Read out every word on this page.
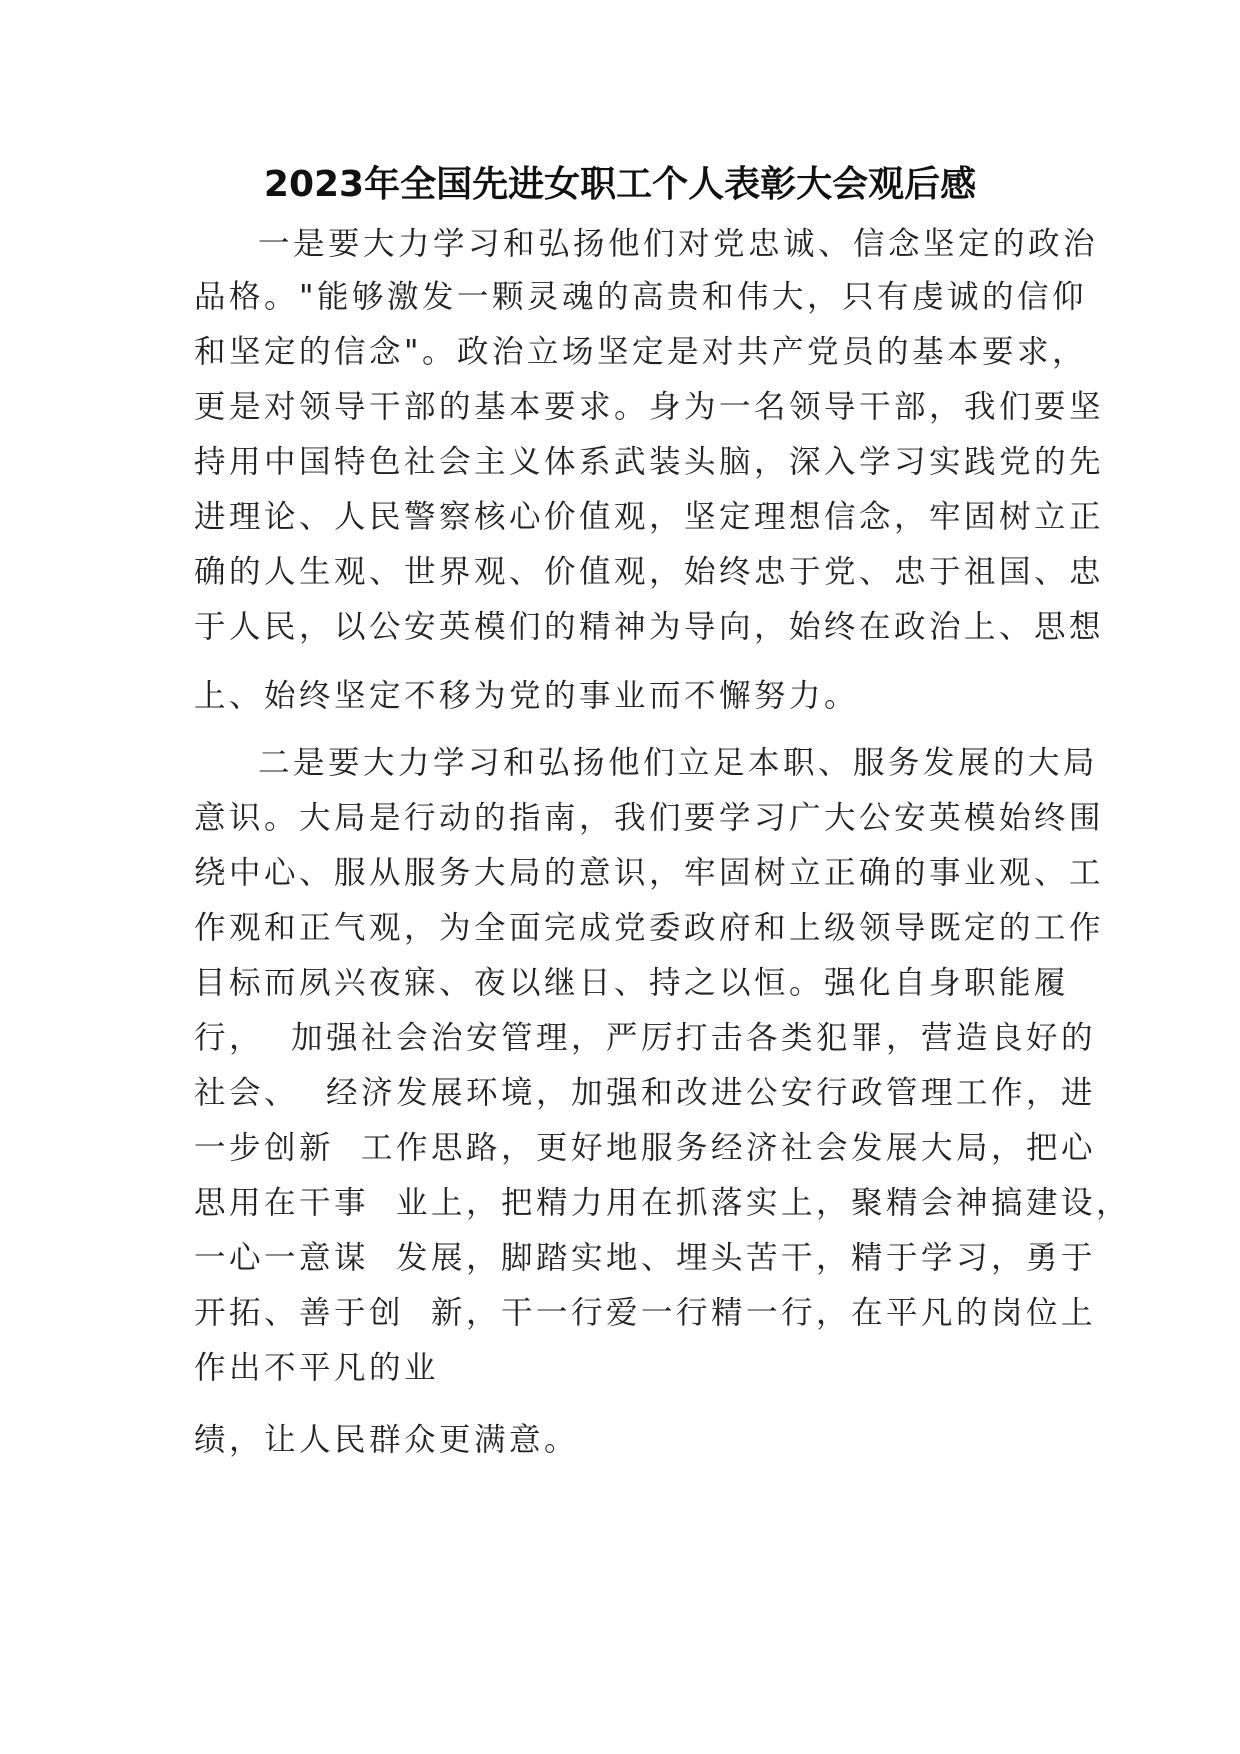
2023年全国先进女职工个人表彰大会观后感
一是要大力学习和弘扬他们对党忠诚、信念坚定的政治
品格。"能够激发一颗灵魂的高贵和伟大，只有虔诚的信仰
和坚定的信念"。政治立场坚定是对共产党员的基本要求，
更是对领导干部的基本要求。身为一名领导干部，我们要坚
持用中国特色社会主义体系武装头脑，深入学习实践党的先
进理论、人民警察核心价值观，坚定理想信念，牢固树立正
确的人生观、世界观、价值观，始终忠于党、忠于祖国、忠
于人民，以公安英模们的精神为导向，始终在政治上、思想
上、始终坚定不移为党的事业而不懈努力。
二是要大力学习和弘扬他们立足本职、服务发展的大局
意识。大局是行动的指南，我们要学习广大公安英模始终围
绕中心、服从服务大局的意识，牢固树立正确的事业观、工
作观和正气观，为全面完成党委政府和上级领导既定的工作
目标而夙兴夜寐、夜以继日、持之以恒。强化自身职能履
行，  加强社会治安管理，严厉打击各类犯罪，营造良好的
社会、  经济发展环境，加强和改进公安行政管理工作，进
一步创新  工作思路，更好地服务经济社会发展大局，把心
思用在干事  业上，把精力用在抓落实上，聚精会神搞建设，
一心一意谋  发展，脚踏实地、埋头苦干，精于学习，勇于
开拓、善于创  新，干一行爱一行精一行，在平凡的岗位上
作出不平凡的业
绩，让人民群众更满意。
